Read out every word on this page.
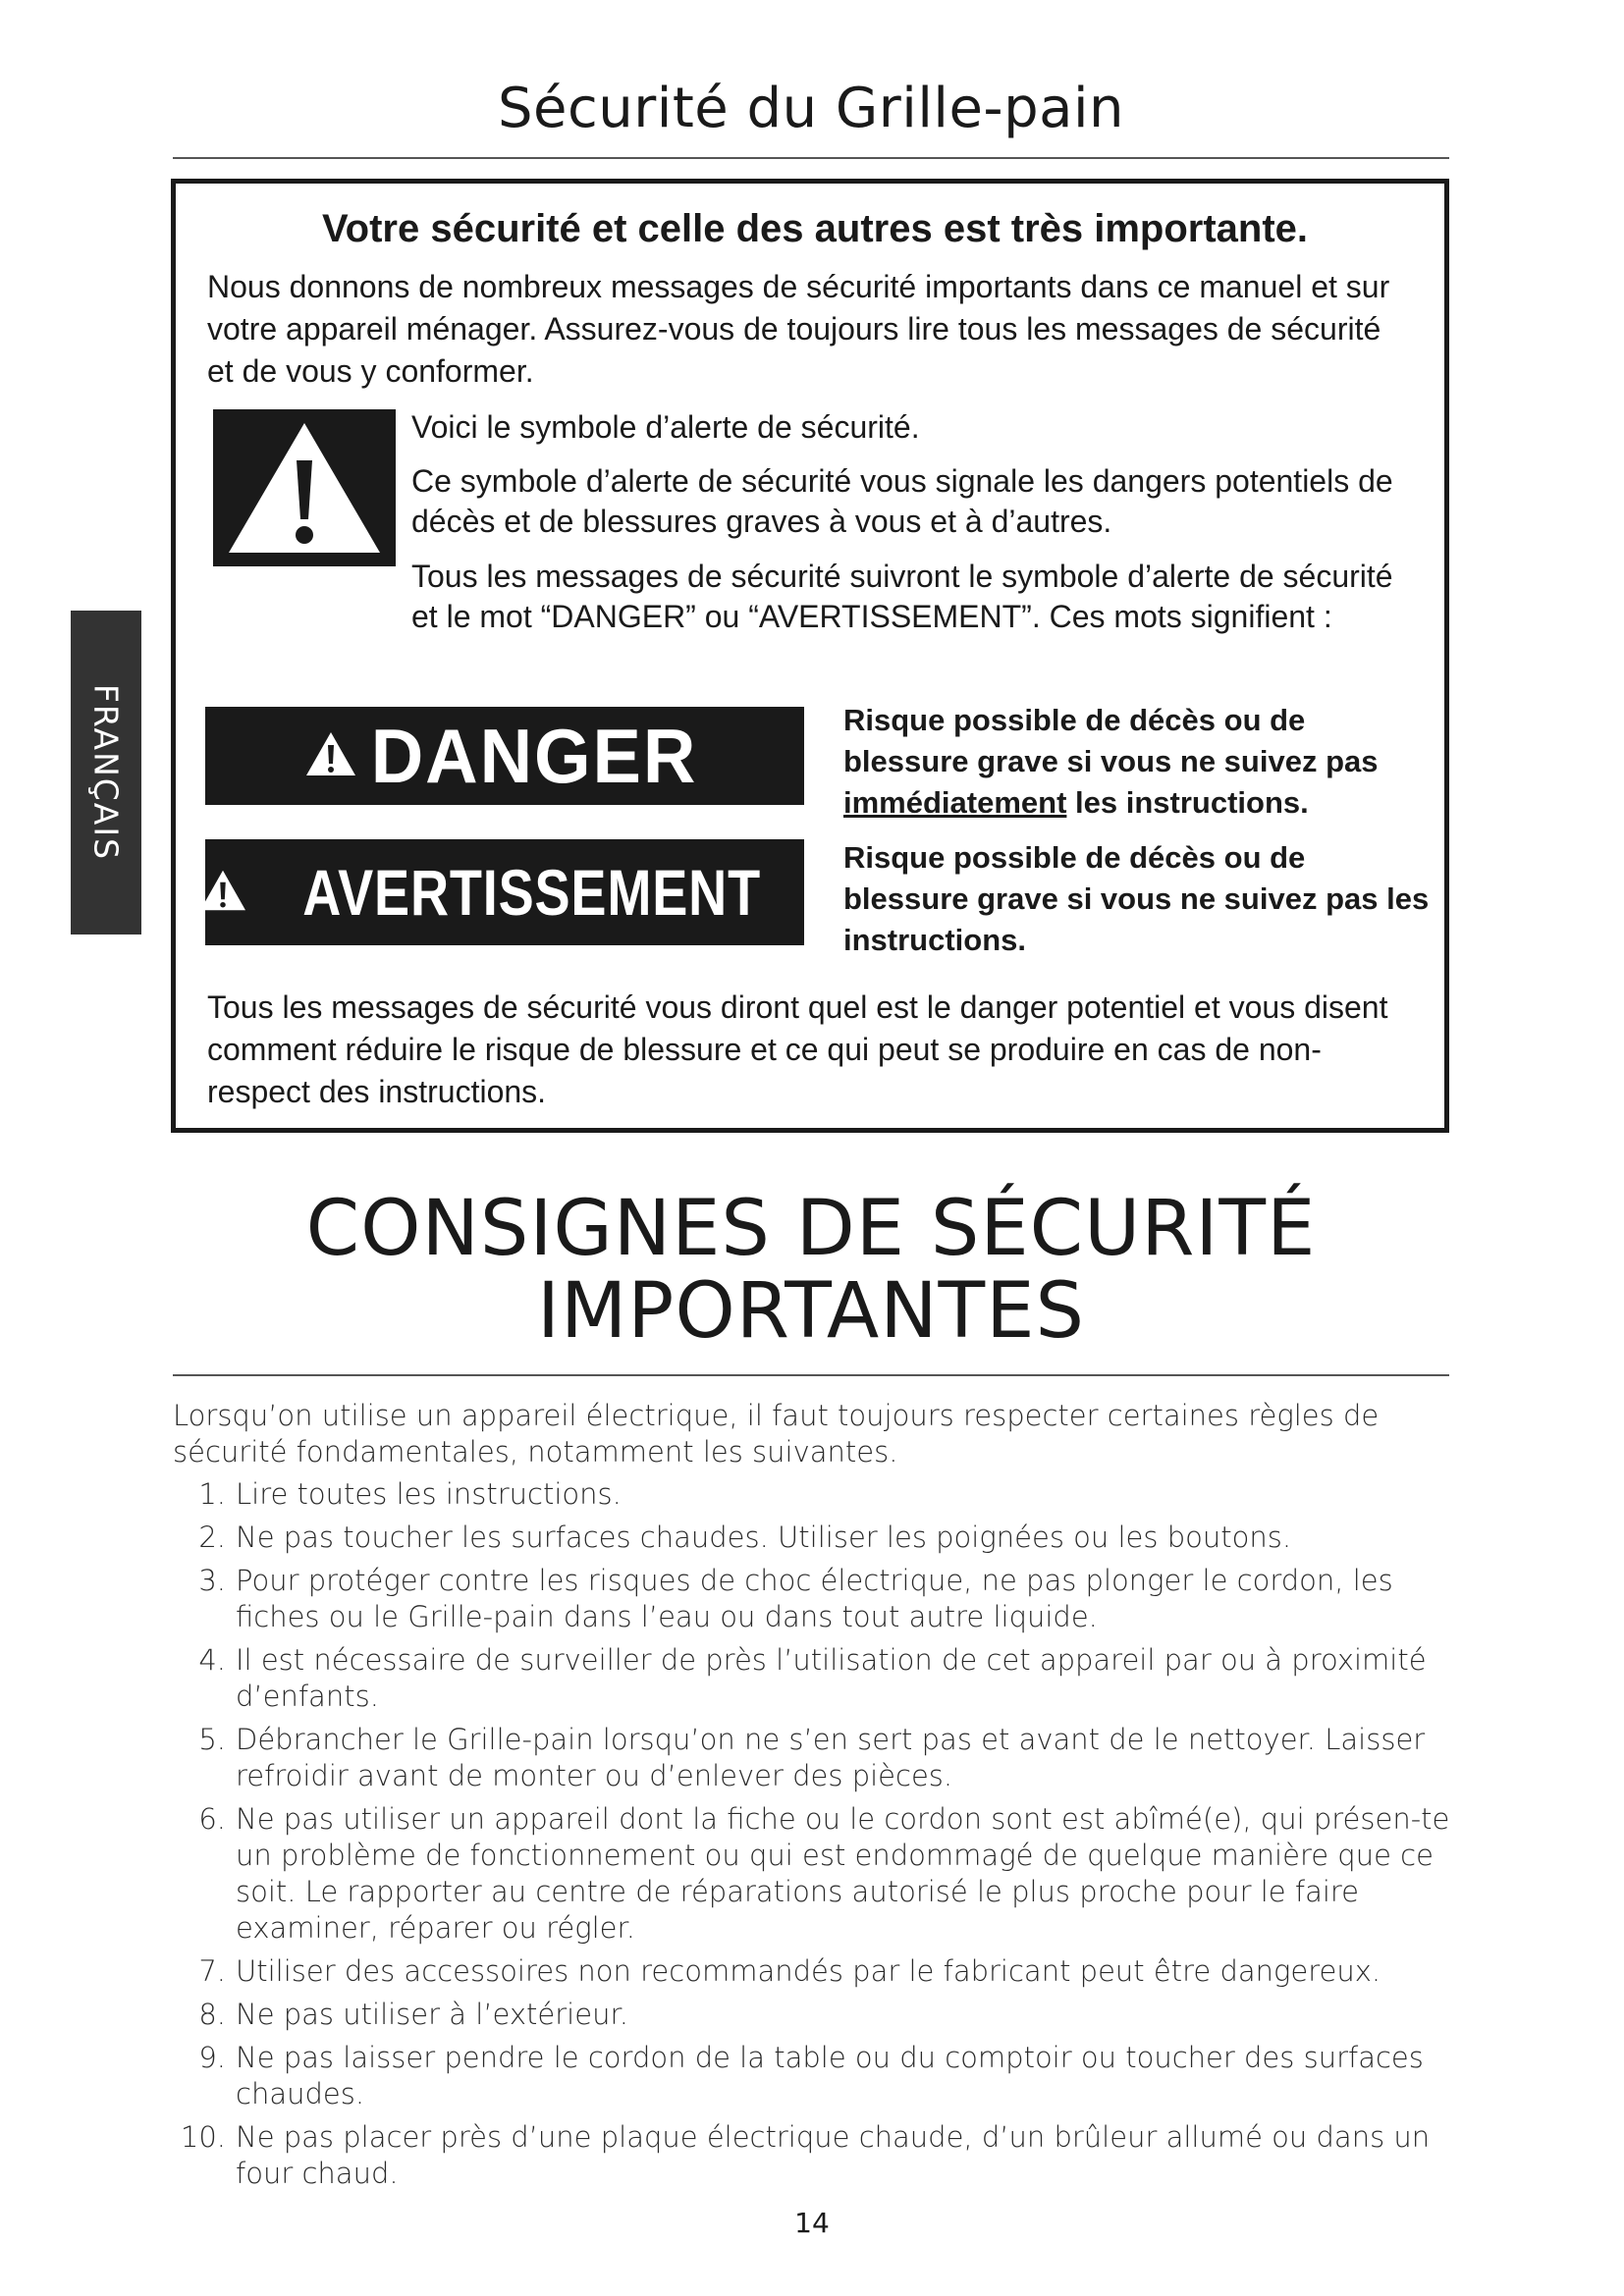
Sécurité du Grille-pain
FRANÇAIS
Votre sécurité et celle des autres est très importante.
Nous donnons de nombreux messages de sécurité importants dans ce manuel et sur votre appareil ménager. Assurez-vous de toujours lire tous les messages de sécurité et de vous y conformer.
Voici le symbole d’alerte de sécurité.
Ce symbole d’alerte de sécurité vous signale les dangers potentiels de décès et de blessures graves à vous et à d’autres.
Tous les messages de sécurité suivront le symbole d’alerte de sécurité et le mot “DANGER” ou “AVERTISSEMENT”. Ces mots signifient :
DANGER	Risque possible de décès ou de blessure grave si vous ne suivez pas immédiatement les instructions.
AVERTISSEMENT	Risque possible de décès ou de blessure grave si vous ne suivez pas les instructions.
Tous les messages de sécurité vous diront quel est le danger potentiel et vous disent comment réduire le risque de blessure et ce qui peut se produire en cas de non-respect des instructions.
CONSIGNES DE SÉCURITÉ
IMPORTANTES

Lorsqu’on utilise un appareil électrique, il faut toujours respecter certaines règles de sécurité fondamentales, notamment les suivantes.

1. Lire toutes les instructions.
2. Ne pas toucher les surfaces chaudes. Utiliser les poignées ou les boutons.
3. Pour protéger contre les risques de choc électrique, ne pas plonger le cordon, les fiches ou le Grille-pain dans l’eau ou dans tout autre liquide.
4. Il est nécessaire de surveiller de près l’utilisation de cet appareil par ou à proximité d’enfants.
5. Débrancher le Grille-pain lorsqu’on ne s’en sert pas et avant de le nettoyer. Laisser refroidir avant de monter ou d’enlever des pièces.
6. Ne pas utiliser un appareil dont la fiche ou le cordon sont est abîmé(e), qui présen-te un problème de fonctionnement ou qui est endommagé de quelque manière que ce soit. Le rapporter au centre de réparations autorisé le plus proche pour le faire examiner, réparer ou régler.
7. Utiliser des accessoires non recommandés par le fabricant peut être dangereux.
8. Ne pas utiliser à l’extérieur.
9. Ne pas laisser pendre le cordon de la table ou du comptoir ou toucher des surfaces chaudes.
10. Ne pas placer près d’une plaque électrique chaude, d’un brûleur allumé ou dans un four chaud.
14
